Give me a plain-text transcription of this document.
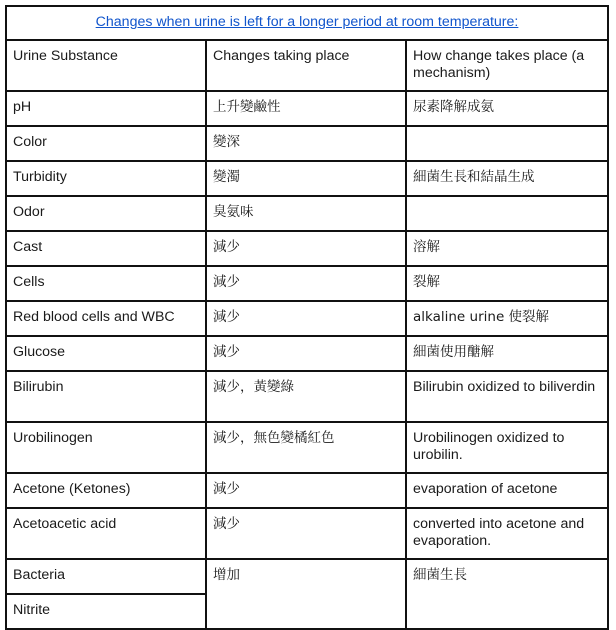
Changes when urine is left for a longer period at room temperature:		
Urine Substance	Changes taking place	How change takes place (a mechanism)
pH	上升變鹼性	尿素降解成氨
Color	變深	
Turbidity	變濁	細菌生長和結晶生成
Odor	臭氨味	
Cast	減少	溶解
Cells	減少	裂解
Red blood cells and WBC	減少	alkaline urine 使裂解
Glucose	減少	細菌使用醣解
Bilirubin	減少，黃變綠	Bilirubin oxidized to biliverdin
Urobilinogen	減少，無色變橘紅色	Urobilinogen oxidized to urobilin.
Acetone (Ketones)	減少	evaporation of acetone
Acetoacetic acid	減少	converted into acetone and evaporation.
Bacteria	增加	細菌生長
Nitrite		
